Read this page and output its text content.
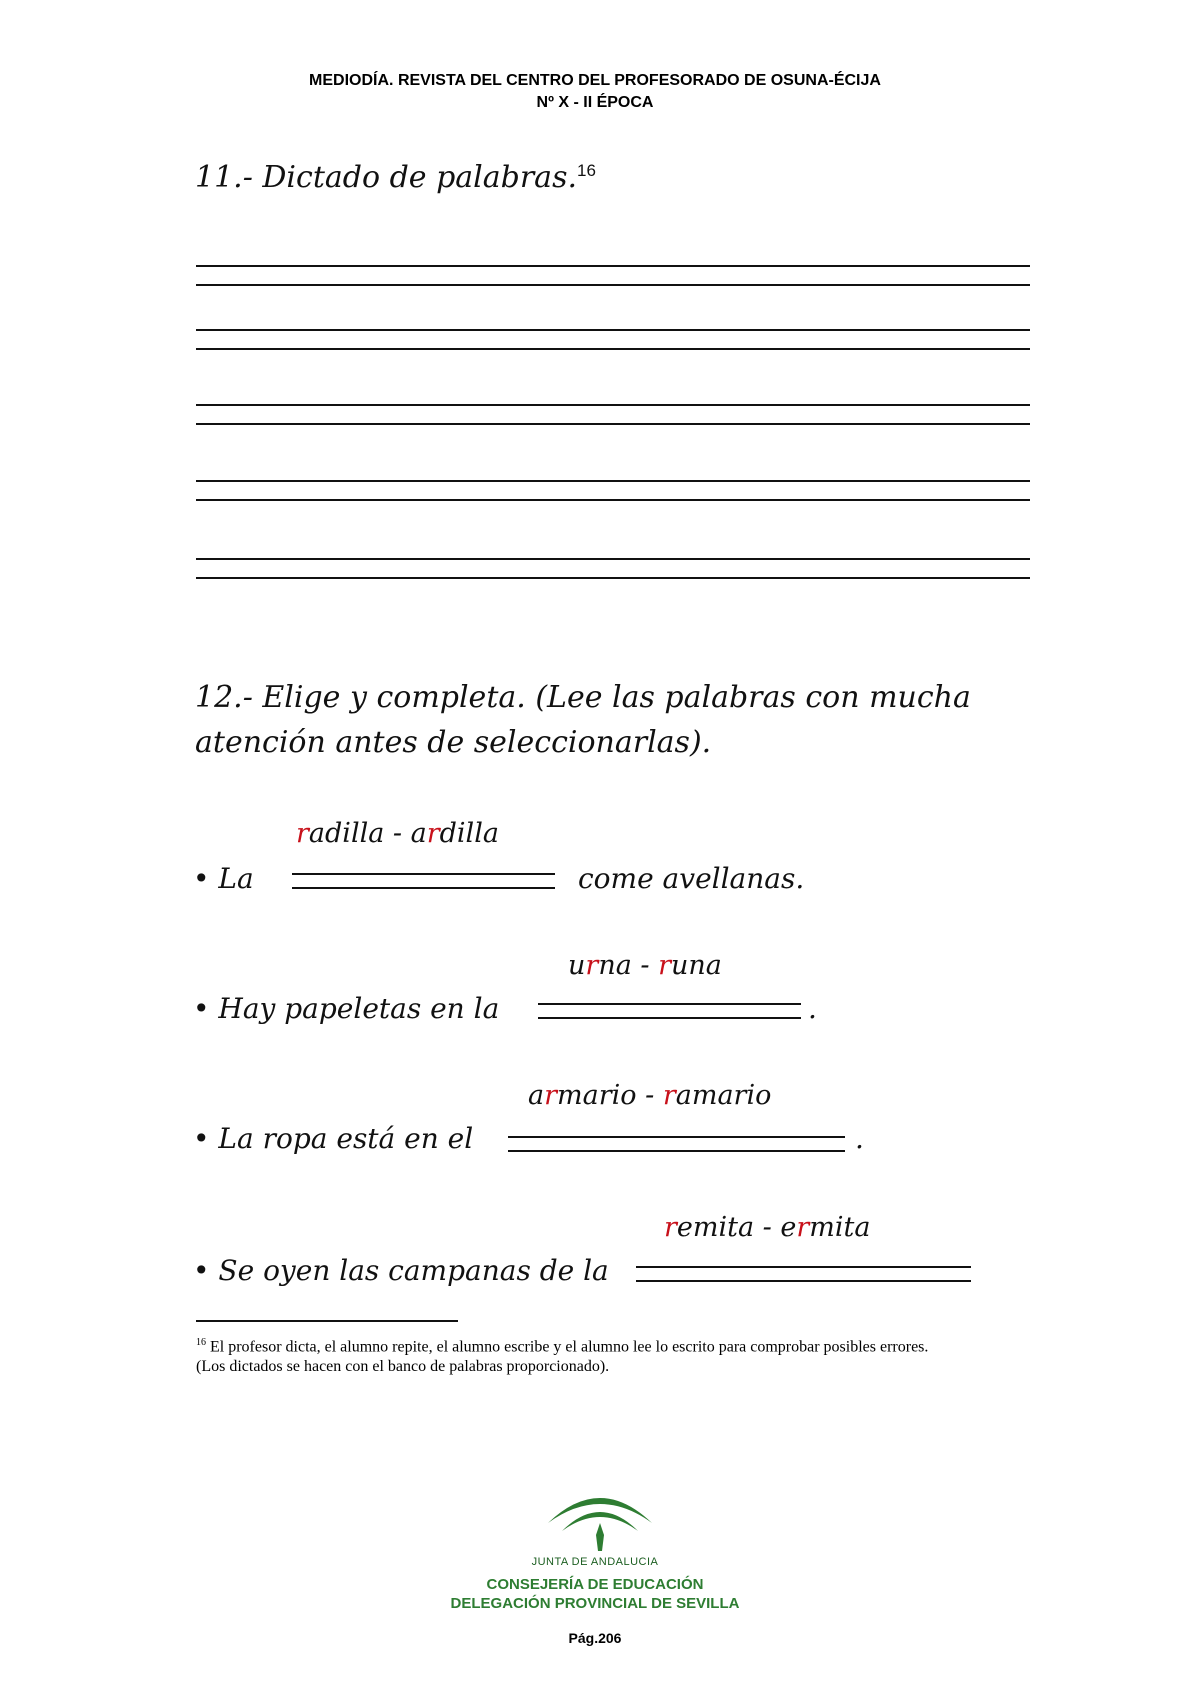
MEDIODÍA. REVISTA DEL CENTRO DEL PROFESORADO DE OSUNA-ÉCIJA
Nº X - II ÉPOCA
11.- Dictado de palabras.$^{16}$
12.- Elige y completa. (Lee las palabras con mucha
atención antes de seleccionarlas).
radilla - ardilla
• La	come avellanas.
urna - runa
• Hay papeletas en la	.
armario - ramario
• La ropa está en el	.
remita - ermita
• Se oyen las campanas de la
$^{16}$ El profesor dicta, el alumno repite, el alumno escribe y el alumno lee lo escrito para comprobar posibles errores. (Los dictados se hacen con el banco de palabras proporcionado).
JUNTA DE ANDALUCIA
CONSEJERÍA DE EDUCACIÓN
DELEGACIÓN PROVINCIAL DE SEVILLA
Pág.206
